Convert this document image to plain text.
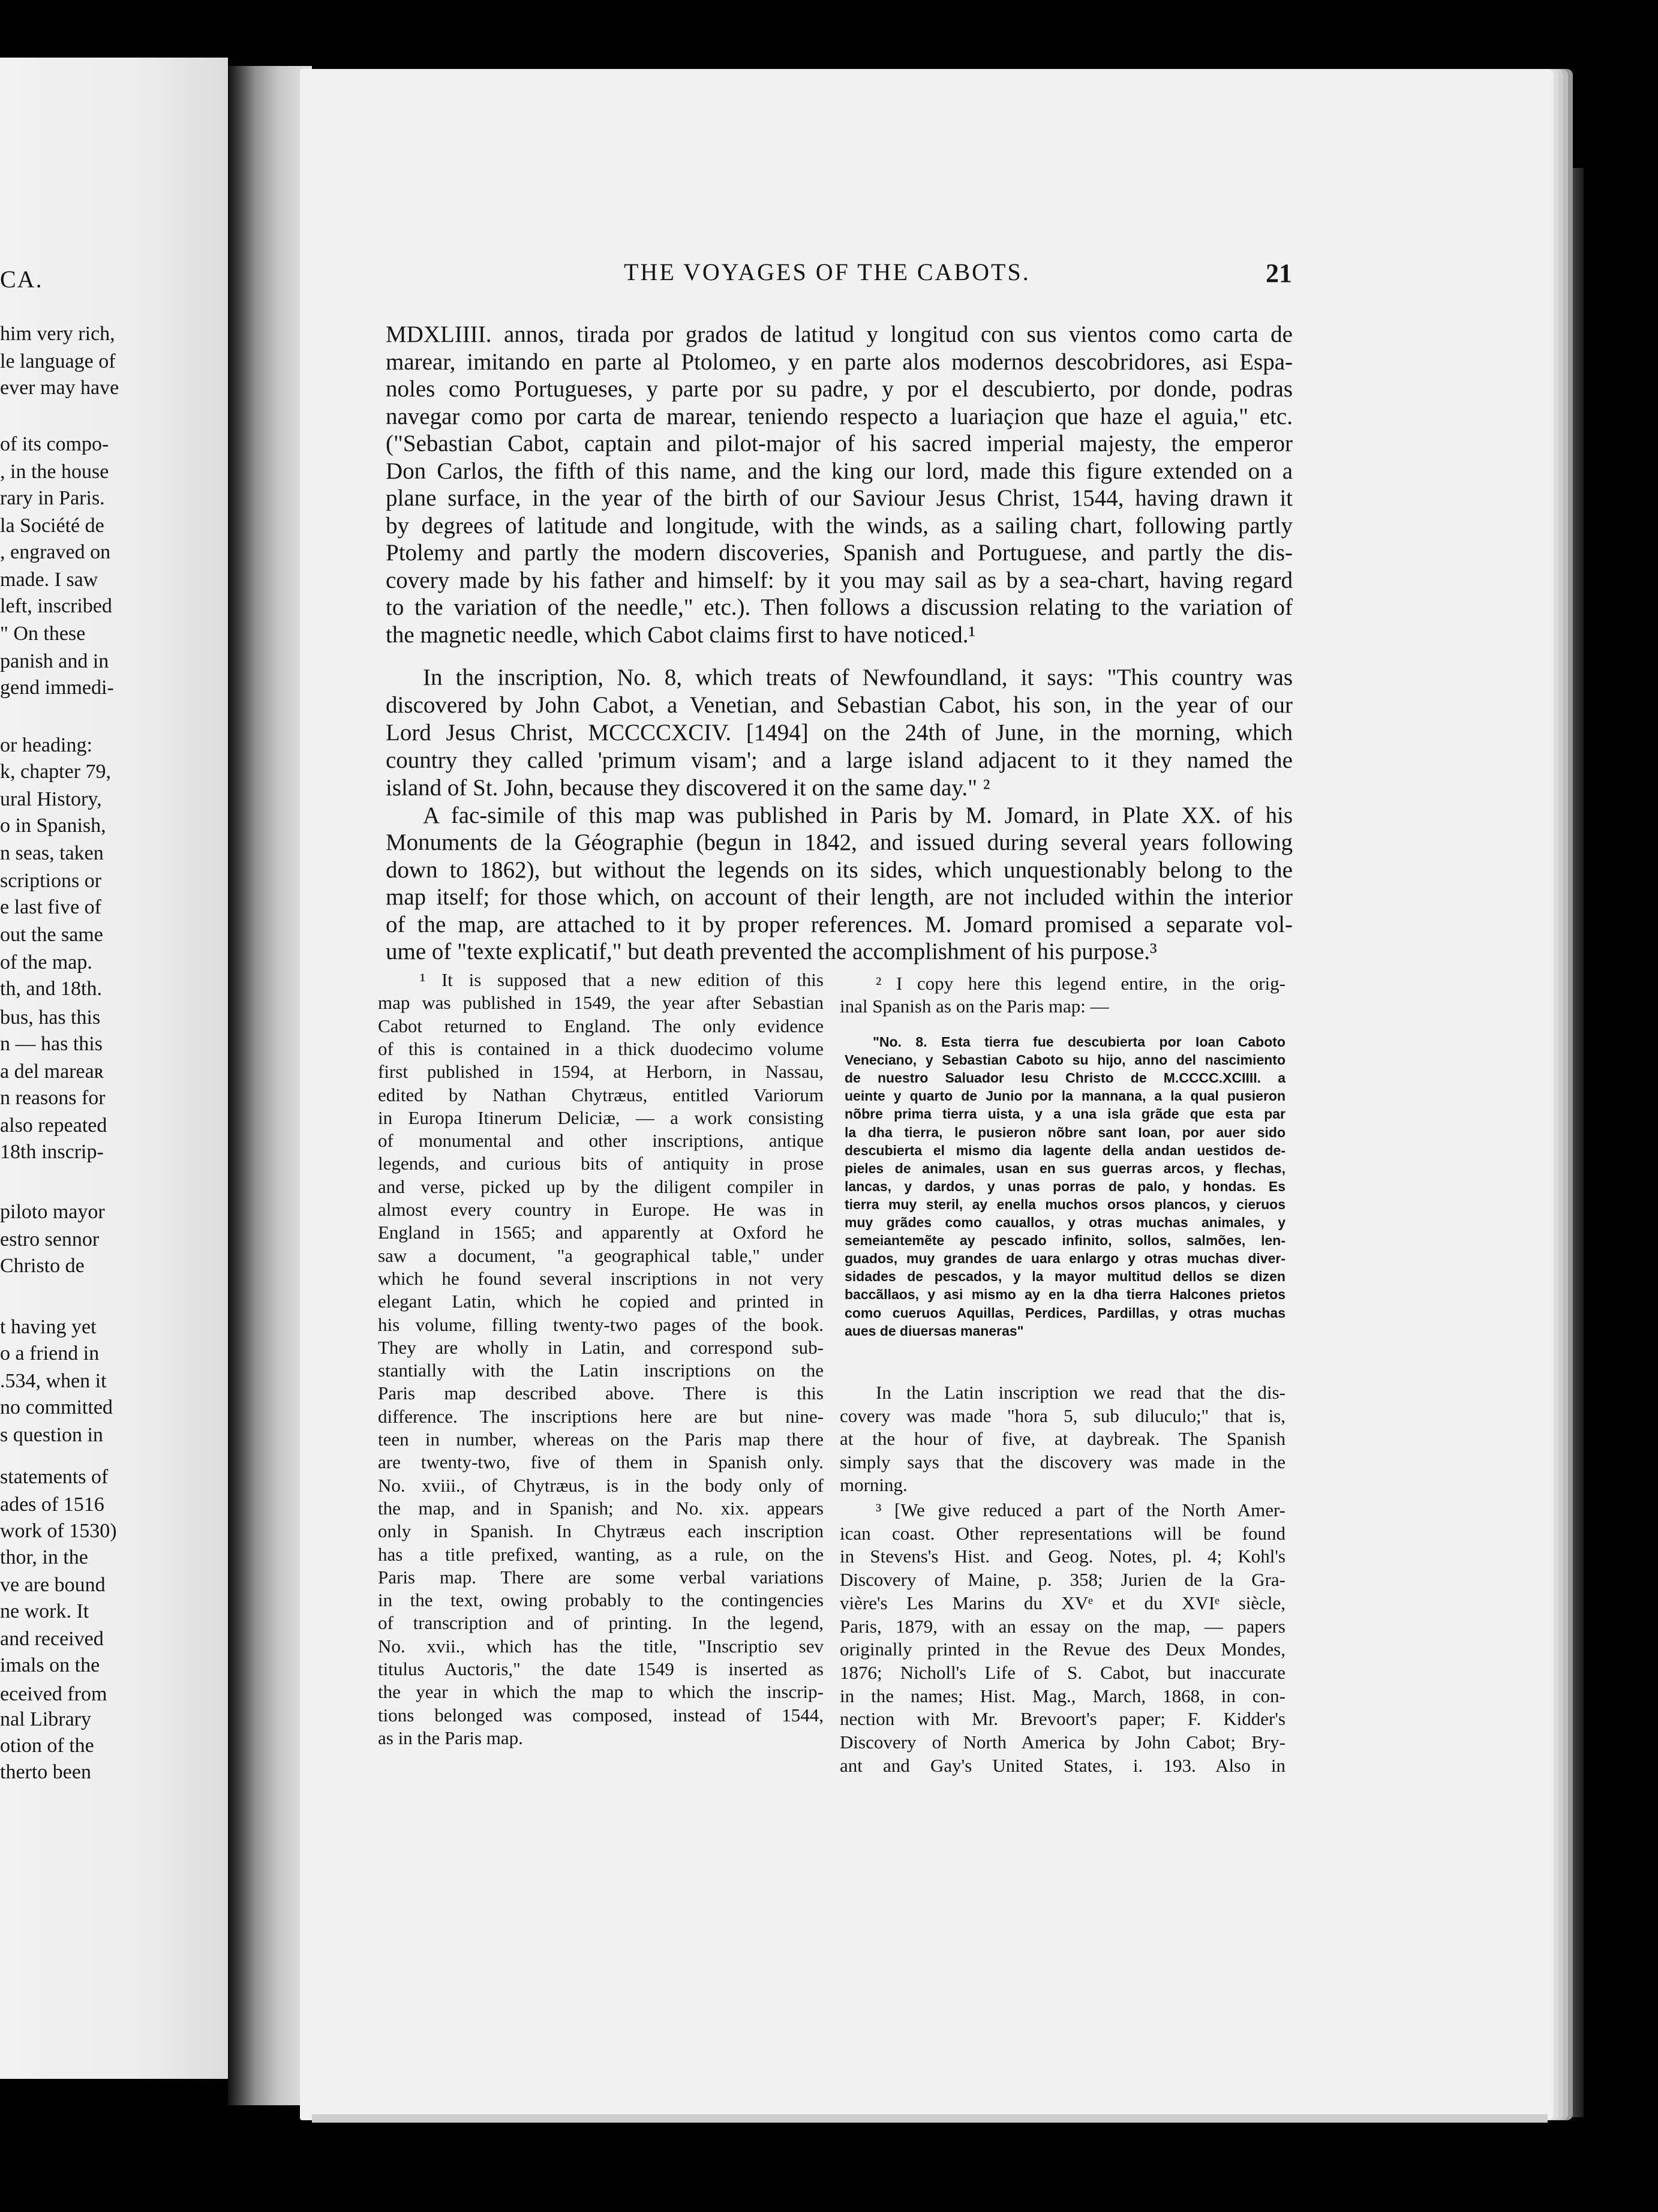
CA.
him very rich,
le language of
ever may have
of its compo-
, in the house
rary in Paris.
la Société de
, engraved on
made. I saw
left, inscribed
" On these
panish and in
gend immedi-
or heading:
k, chapter 79,
ural History,
o in Spanish,
n seas, taken
scriptions or
e last five of
out the same
of the map.
th, and 18th.
bus, has this
n — has this
a del mareaʀ
n reasons for
also repeated
18th inscrip-
piloto mayor
estro sennor
Christo de
t having yet
o a friend in
.534, when it
no committed
s question in
statements of
ades of 1516
work of 1530)
thor, in the
ve are bound
ne work. It
and received
imals on the
eceived from
nal Library
otion of the
therto been
THE VOYAGES OF THE CABOTS.	21
MDXLIIII. annos, tirada por grados de latitud y longitud con sus vientos como carta de
marear, imitando en parte al Ptolomeo, y en parte alos modernos descobridores, asi Espa-
noles como Portugueses, y parte por su padre, y por el descubierto, por donde, podras
navegar como por carta de marear, teniendo respecto a luariaçion que haze el aguia," etc.
("Sebastian Cabot, captain and pilot-major of his sacred imperial majesty, the emperor
Don Carlos, the fifth of this name, and the king our lord, made this figure extended on a
plane surface, in the year of the birth of our Saviour Jesus Christ, 1544, having drawn it
by degrees of latitude and longitude, with the winds, as a sailing chart, following partly
Ptolemy and partly the modern discoveries, Spanish and Portuguese, and partly the dis-
covery made by his father and himself: by it you may sail as by a sea-chart, having regard
to the variation of the needle," etc.). Then follows a discussion relating to the variation of
the magnetic needle, which Cabot claims first to have noticed.¹
In the inscription, No. 8, which treats of Newfoundland, it says: "This country was
discovered by John Cabot, a Venetian, and Sebastian Cabot, his son, in the year of our
Lord Jesus Christ, MCCCCXCIV. [1494] on the 24th of June, in the morning, which
country they called 'primum visam'; and a large island adjacent to it they named the
island of St. John, because they discovered it on the same day." ²
A fac-simile of this map was published in Paris by M. Jomard, in Plate XX. of his
Monuments de la Géographie (begun in 1842, and issued during several years following
down to 1862), but without the legends on its sides, which unquestionably belong to the
map itself; for those which, on account of their length, are not included within the interior
of the map, are attached to it by proper references. M. Jomard promised a separate vol-
ume of "texte explicatif," but death prevented the accomplishment of his purpose.³
¹ It is supposed that a new edition of this
map was published in 1549, the year after Sebastian
Cabot returned to England. The only evidence
of this is contained in a thick duodecimo volume
first published in 1594, at Herborn, in Nassau,
edited by Nathan Chytræus, entitled Variorum
in Europa Itinerum Deliciæ, — a work consisting
of monumental and other inscriptions, antique
legends, and curious bits of antiquity in prose
and verse, picked up by the diligent compiler in
almost every country in Europe. He was in
England in 1565; and apparently at Oxford he
saw a document, "a geographical table," under
which he found several inscriptions in not very
elegant Latin, which he copied and printed in
his volume, filling twenty-two pages of the book.
They are wholly in Latin, and correspond sub-
stantially with the Latin inscriptions on the
Paris map described above. There is this
difference. The inscriptions here are but nine-
teen in number, whereas on the Paris map there
are twenty-two, five of them in Spanish only.
No. xviii., of Chytræus, is in the body only of
the map, and in Spanish; and No. xix. appears
only in Spanish. In Chytræus each inscription
has a title prefixed, wanting, as a rule, on the
Paris map. There are some verbal variations
in the text, owing probably to the contingencies
of transcription and of printing. In the legend,
No. xvii., which has the title, "Inscriptio sev
titulus Auctoris," the date 1549 is inserted as
the year in which the map to which the inscrip-
tions belonged was composed, instead of 1544,
as in the Paris map.
² I copy here this legend entire, in the orig-
inal Spanish as on the Paris map: —
"No. 8. Esta tierra fue descubierta por Ioan Caboto
Veneciano, y Sebastian Caboto su hijo, anno del nascimiento
de nuestro Saluador Iesu Christo de M.CCCC.XCIIII. a
ueinte y quarto de Junio por la mannana, a la qual pusieron
nõbre prima tierra uista, y a una isla grãde que esta par
la dha tierra, le pusieron nõbre sant Ioan, por auer sido
descubierta el mismo dia lagente della andan uestidos de-
pieles de animales, usan en sus guerras arcos, y flechas,
lancas, y dardos, y unas porras de palo, y hondas. Es
tierra muy steril, ay enella muchos orsos plancos, y cieruos
muy grãdes como cauallos, y otras muchas animales, y
semeiantemẽte ay pescado infinito, sollos, salmões, len-
guados, muy grandes de uara enlargo y otras muchas diver-
sidades de pescados, y la mayor multitud dellos se dizen
baccãllaos, y asi mismo ay en la dha tierra Halcones prietos
como cueruos Aquillas, Perdices, Pardillas, y otras muchas
aues de diuersas maneras"
In the Latin inscription we read that the dis-
covery was made "hora 5, sub diluculo;" that is,
at the hour of five, at daybreak. The Spanish
simply says that the discovery was made in the
morning.
³ [We give reduced a part of the North Amer-
ican coast. Other representations will be found
in Stevens's Hist. and Geog. Notes, pl. 4; Kohl's
Discovery of Maine, p. 358; Jurien de la Gra-
vière's Les Marins du XVᵉ et du XVIᵉ siècle,
Paris, 1879, with an essay on the map, — papers
originally printed in the Revue des Deux Mondes,
1876; Nicholl's Life of S. Cabot, but inaccurate
in the names; Hist. Mag., March, 1868, in con-
nection with Mr. Brevoort's paper; F. Kidder's
Discovery of North America by John Cabot; Bry-
ant and Gay's United States, i. 193. Also in
